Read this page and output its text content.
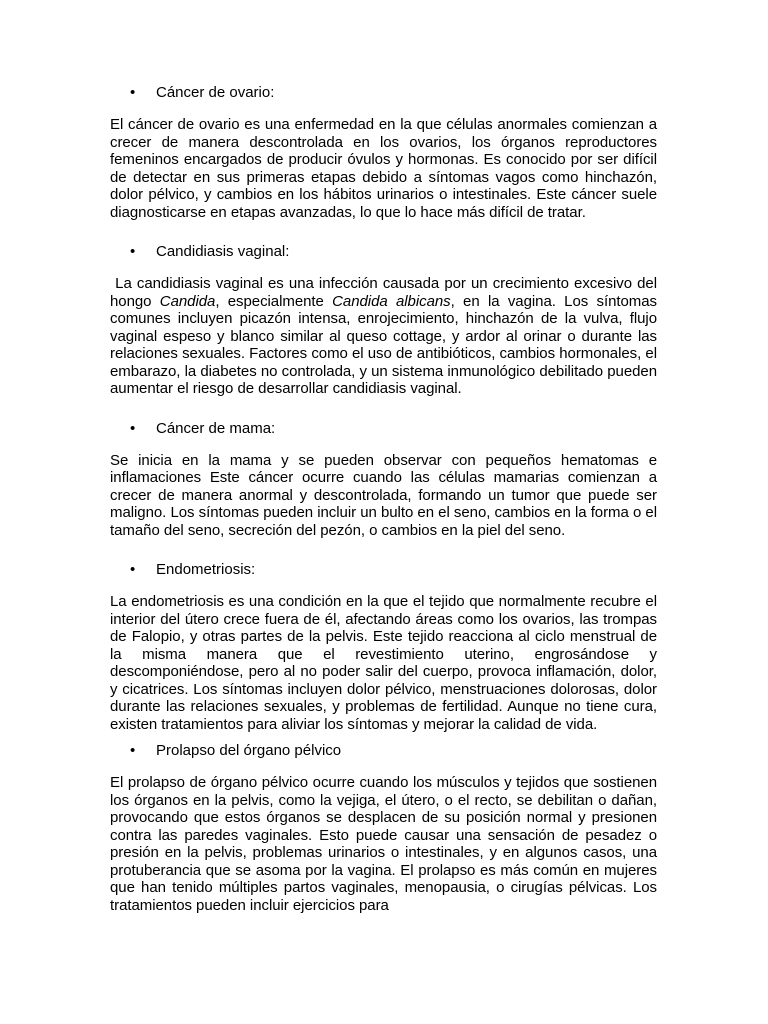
•	Cáncer de ovario:

El cáncer de ovario es una enfermedad en la que células anormales comienzan a crecer de manera descontrolada en los ovarios, los órganos reproductores femeninos encargados de producir óvulos y hormonas. Es conocido por ser difícil de detectar en sus primeras etapas debido a síntomas vagos como hinchazón, dolor pélvico, y cambios en los hábitos urinarios o intestinales. Este cáncer suele diagnosticarse en etapas avanzadas, lo que lo hace más difícil de tratar.

•	Candidiasis vaginal:

La candidiasis vaginal es una infección causada por un crecimiento excesivo del hongo Candida, especialmente Candida albicans, en la vagina. Los síntomas comunes incluyen picazón intensa, enrojecimiento, hinchazón de la vulva, flujo vaginal espeso y blanco similar al queso cottage, y ardor al orinar o durante las relaciones sexuales. Factores como el uso de antibióticos, cambios hormonales, el embarazo, la diabetes no controlada, y un sistema inmunológico debilitado pueden aumentar el riesgo de desarrollar candidiasis vaginal.

•	Cáncer de mama:

Se inicia en la mama y se pueden observar con pequeños hematomas e inflamaciones Este cáncer ocurre cuando las células mamarias comienzan a crecer de manera anormal y descontrolada, formando un tumor que puede ser maligno. Los síntomas pueden incluir un bulto en el seno, cambios en la forma o el tamaño del seno, secreción del pezón, o cambios en la piel del seno.

•	Endometriosis:

La endometriosis es una condición en la que el tejido que normalmente recubre el interior del útero crece fuera de él, afectando áreas como los ovarios, las trompas de Falopio, y otras partes de la pelvis. Este tejido reacciona al ciclo menstrual de la misma manera que el revestimiento uterino, engrosándose y descomponiéndose, pero al no poder salir del cuerpo, provoca inflamación, dolor, y cicatrices. Los síntomas incluyen dolor pélvico, menstruaciones dolorosas, dolor durante las relaciones sexuales, y problemas de fertilidad. Aunque no tiene cura, existen tratamientos para aliviar los síntomas y mejorar la calidad de vida.

•	Prolapso del órgano pélvico

El prolapso de órgano pélvico ocurre cuando los músculos y tejidos que sostienen los órganos en la pelvis, como la vejiga, el útero, o el recto, se debilitan o dañan, provocando que estos órganos se desplacen de su posición normal y presionen contra las paredes vaginales. Esto puede causar una sensación de pesadez o presión en la pelvis, problemas urinarios o intestinales, y en algunos casos, una protuberancia que se asoma por la vagina. El prolapso es más común en mujeres que han tenido múltiples partos vaginales, menopausia, o cirugías pélvicas. Los tratamientos pueden incluir ejercicios para
